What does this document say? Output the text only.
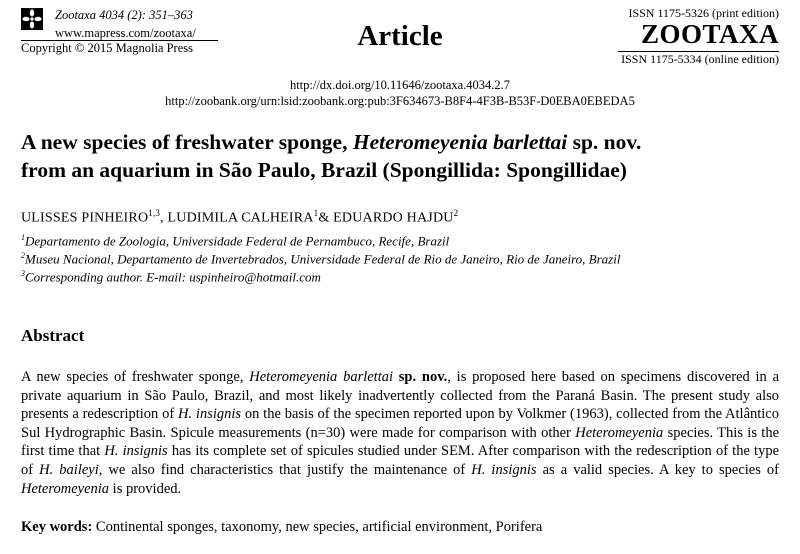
Zootaxa 4034 (2): 351–363
www.mapress.com/zootaxa/
Copyright © 2015 Magnolia Press	Article
ISSN 1175-5326 (print edition)
ZOOTAXA
ISSN 1175-5334 (online edition)
http://dx.doi.org/10.11646/zootaxa.4034.2.7
http://zoobank.org/urn:lsid:zoobank.org:pub:3F634673-B8F4-4F3B-B53F-D0EBA0EBEDA5
A new species of freshwater sponge, Heteromeyenia barlettai sp. nov.
from an aquarium in São Paulo, Brazil (Spongillida: Spongillidae)
ULISSES PINHEIRO$^{1,3}$, LUDIMILA CALHEIRA$^1$& EDUARDO HAJDU$^2$
$^1$Departamento de Zoologia, Universidade Federal de Pernambuco, Recife, Brazil
$^2$Museu Nacional, Departamento de Invertebrados, Universidade Federal de Rio de Janeiro, Rio de Janeiro, Brazil
$^3$Corresponding author. E-mail: uspinheiro@hotmail.com
Abstract
A new species of freshwater sponge, Heteromeyenia barlettai sp. nov., is proposed here based on specimens discovered in a private aquarium in São Paulo, Brazil, and most likely inadvertently collected from the Paraná Basin. The present study also presents a redescription of H. insignis on the basis of the specimen reported upon by Volkmer (1963), collected from the Atlântico Sul Hydrographic Basin. Spicule measurements (n=30) were made for comparison with other Heteromeyenia species. This is the first time that H. insignis has its complete set of spicules studied under SEM. After comparison with the redescription of the type of H. baileyi, we also find characteristics that justify the maintenance of H. insignis as a valid species. A key to species of Heteromeyenia is provided.
Key words: Continental sponges, taxonomy, new species, artificial environment, Porifera
